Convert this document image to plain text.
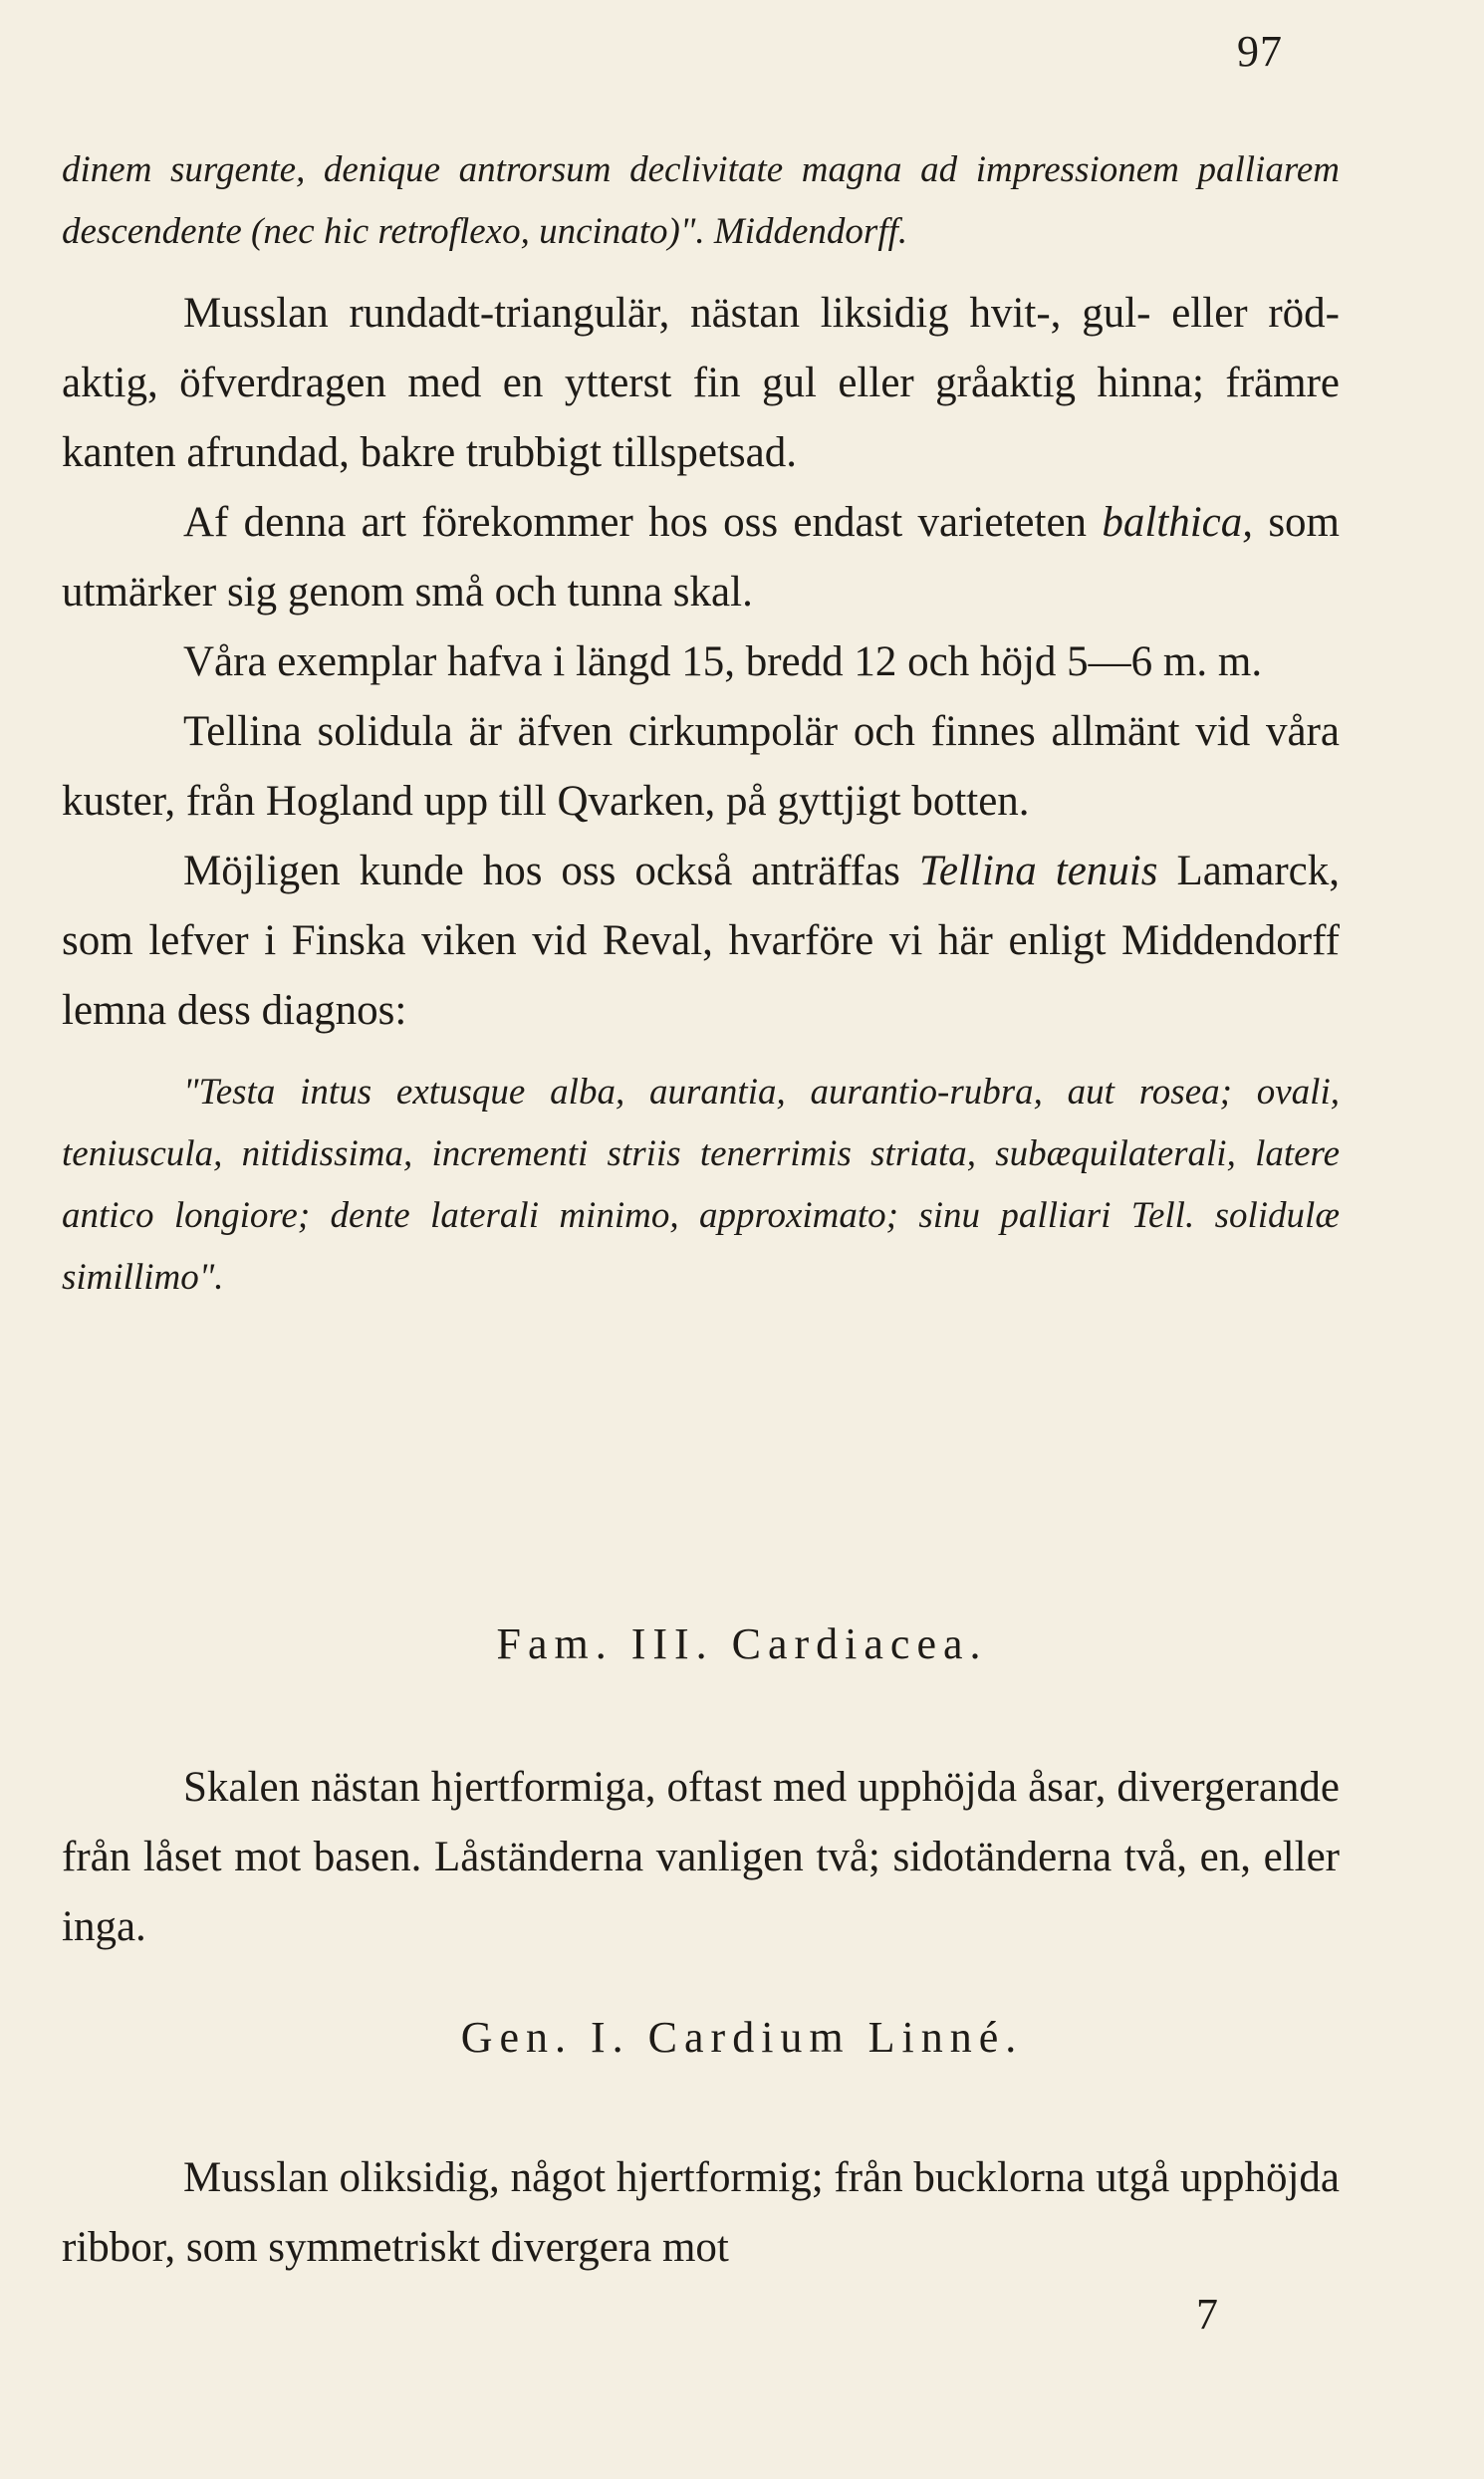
97

dinem surgente, denique antrorsum declivitate magna ad impressionem palliarem descendente (nec hic retroflexo, uncinato)". Middendorff.

Musslan rundadt-triangulär, nästan liksidig hvit-, gul- eller röd-aktig, öfverdragen med en ytterst fin gul eller gråaktig hinna; främre kanten afrundad, bakre trubbigt tillspetsad.

Af denna art förekommer hos oss endast varieteten balthica, som utmärker sig genom små och tunna skal.

Våra exemplar hafva i längd 15, bredd 12 och höjd 5—6 m. m.

Tellina solidula är äfven cirkumpolär och finnes allmänt vid våra kuster, från Hogland upp till Qvarken, på gyttjigt botten.

Möjligen kunde hos oss också anträffas Tellina tenuis Lamarck, som lefver i Finska viken vid Reval, hvarföre vi här enligt Middendorff lemna dess diagnos:

"Testa intus extusque alba, aurantia, aurantio-rubra, aut rosea; ovali, teniuscula, nitidissima, incrementi striis tenerrimis striata, subæquilaterali, latere antico longiore; dente laterali minimo, approximato; sinu palliari Tell. solidulæ simillimo".

Fam. III. Cardiacea.

Skalen nästan hjertformiga, oftast med upphöjda åsar, divergerande från låset mot basen. Låständerna vanligen två; sidotänderna två, en, eller inga.

Gen. I. Cardium Linné.

Musslan oliksidig, något hjertformig; från bucklorna utgå upphöjda ribbor, som symmetriskt divergera mot

7
